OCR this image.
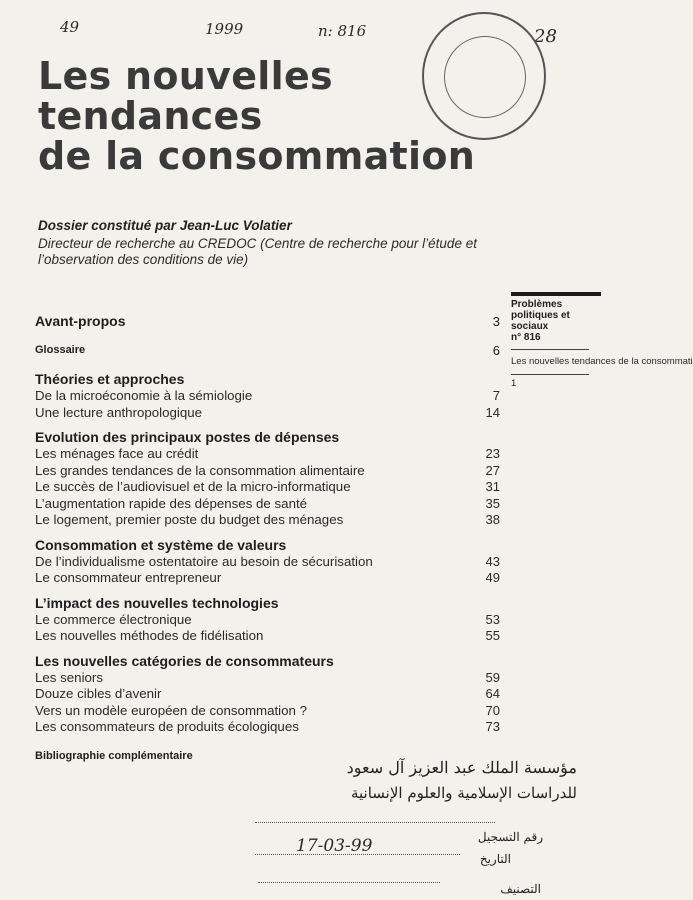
49	1999	n: 816	28
Les nouvelles
tendances
de la consommation
Dossier constitué par Jean-Luc Volatier
Directeur de recherche au CREDOC (Centre de recherche pour l’étude et l’observation des conditions de vie)
Avant-propos	3
Glossaire	6
Théories et approches
De la microéconomie à la sémiologie	7
Une lecture anthropologique	14
Evolution des principaux postes de dépenses
Les ménages face au crédit	23
Les grandes tendances de la consommation alimentaire	27
Le succès de l’audiovisuel et de la micro-informatique	31
L’augmentation rapide des dépenses de santé	35
Le logement, premier poste du budget des ménages	38
Consommation et système de valeurs
De l’individualisme ostentatoire au besoin de sécurisation	43
Le consommateur entrepreneur	49
L’impact des nouvelles technologies
Le commerce électronique	53
Les nouvelles méthodes de fidélisation	55
Les nouvelles catégories de consommateurs
Les seniors	59
Douze cibles d’avenir	64
Vers un modèle européen de consommation ?	70
Les consommateurs de produits écologiques	73
Bibliographie complémentaire
Problèmes politiques et sociaux
n° 816
Les nouvelles tendances de la consommati
1
مؤسسة الملك عبد العزيز آل سعود
للدراسات الإسلامية والعلوم الإنسانية
رقم التسجيل
17-03-99
التاريخ
التصنيف
